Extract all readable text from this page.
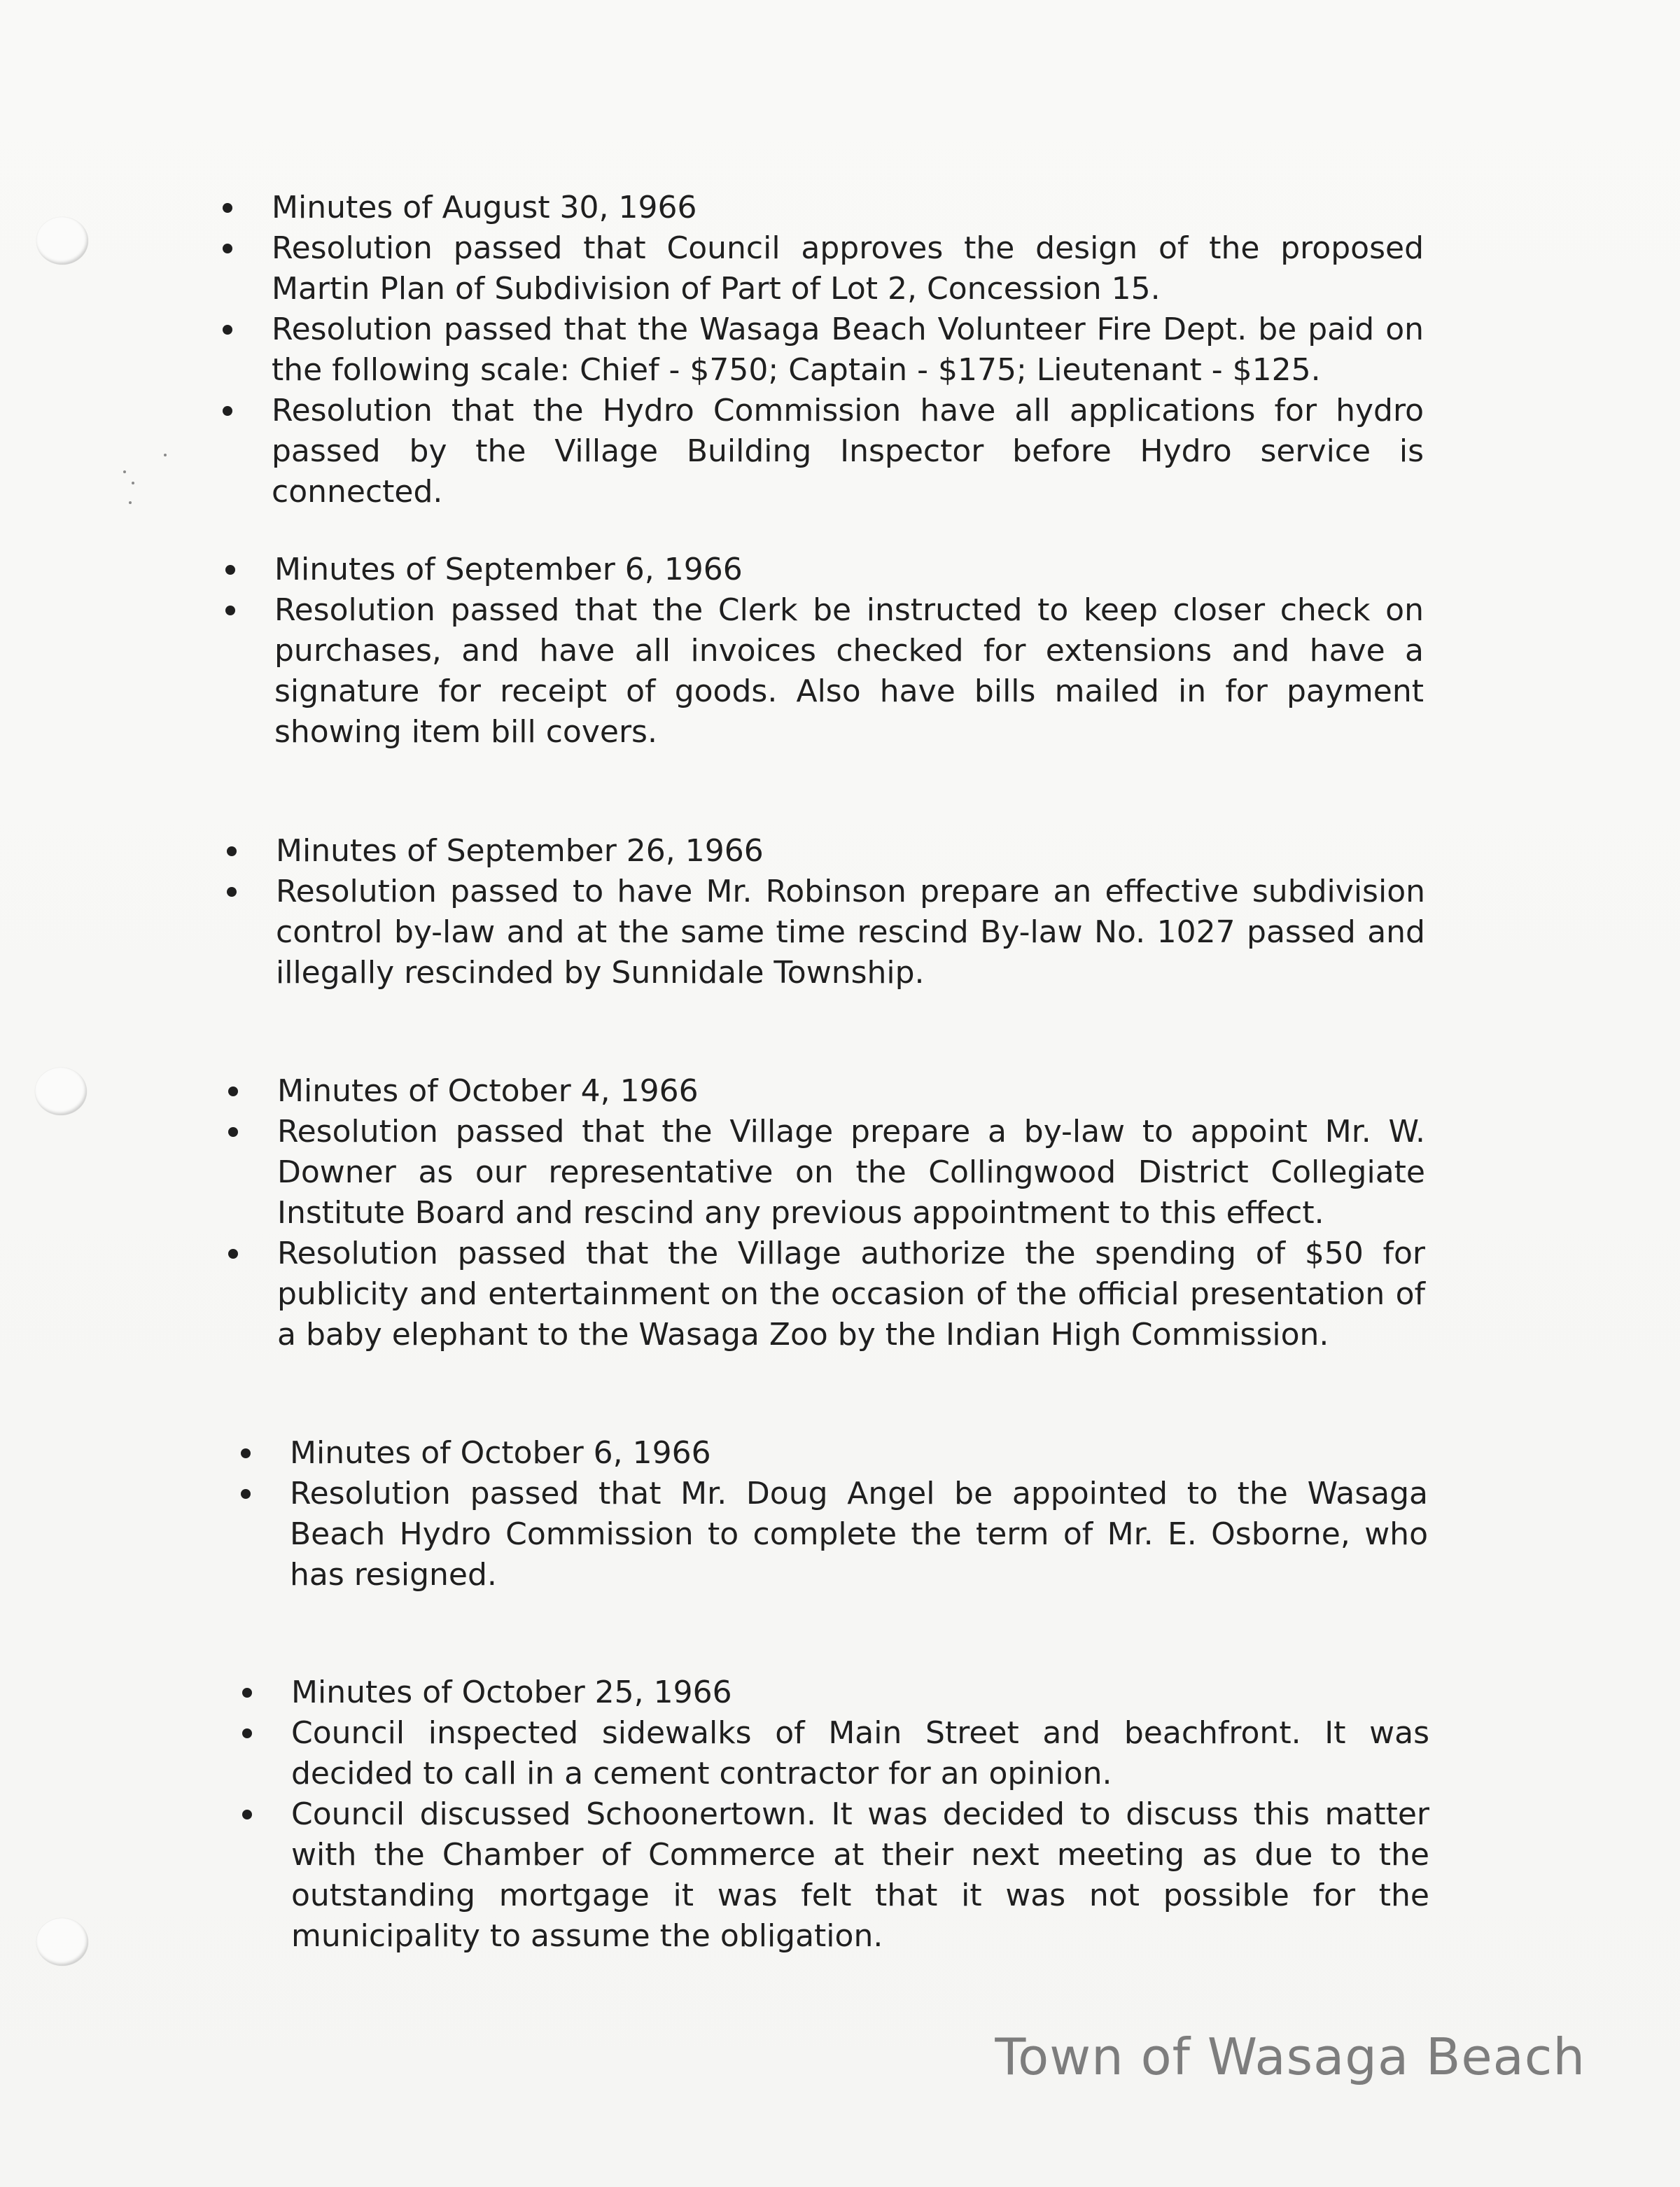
Minutes of August 30, 1966
Resolution passed that Council approves the design of the proposed Martin Plan of Subdivision of Part of Lot 2, Concession 15.
Resolution passed that the Wasaga Beach Volunteer Fire Dept. be paid on the following scale: Chief - $750; Captain - $175; Lieutenant - $125.
Resolution that the Hydro Commission have all applications for hydro passed by the Village Building Inspector before Hydro service is connected.
Minutes of September 6, 1966
Resolution passed that the Clerk be instructed to keep closer check on purchases, and have all invoices checked for extensions and have a signature for receipt of goods. Also have bills mailed in for payment showing item bill covers.
Minutes of September 26, 1966
Resolution passed to have Mr. Robinson prepare an effective subdivision control by-law and at the same time rescind By-law No. 1027 passed and illegally rescinded by Sunnidale Township.
Minutes of October 4, 1966
Resolution passed that the Village prepare a by-law to appoint Mr. W. Downer as our representative on the Collingwood District Collegiate Institute Board and rescind any previous appointment to this effect.
Resolution passed that the Village authorize the spending of $50 for publicity and entertainment on the occasion of the official presentation of a baby elephant to the Wasaga Zoo by the Indian High Commission.
Minutes of October 6, 1966
Resolution passed that Mr. Doug Angel be appointed to the Wasaga Beach Hydro Commission to complete the term of Mr. E. Osborne, who has resigned.
Minutes of October 25, 1966
Council inspected sidewalks of Main Street and beachfront. It was decided to call in a cement contractor for an opinion.
Council discussed Schoonertown. It was decided to discuss this matter with the Chamber of Commerce at their next meeting as due to the outstanding mortgage it was felt that it was not possible for the municipality to assume the obligation.
Town of Wasaga Beach
